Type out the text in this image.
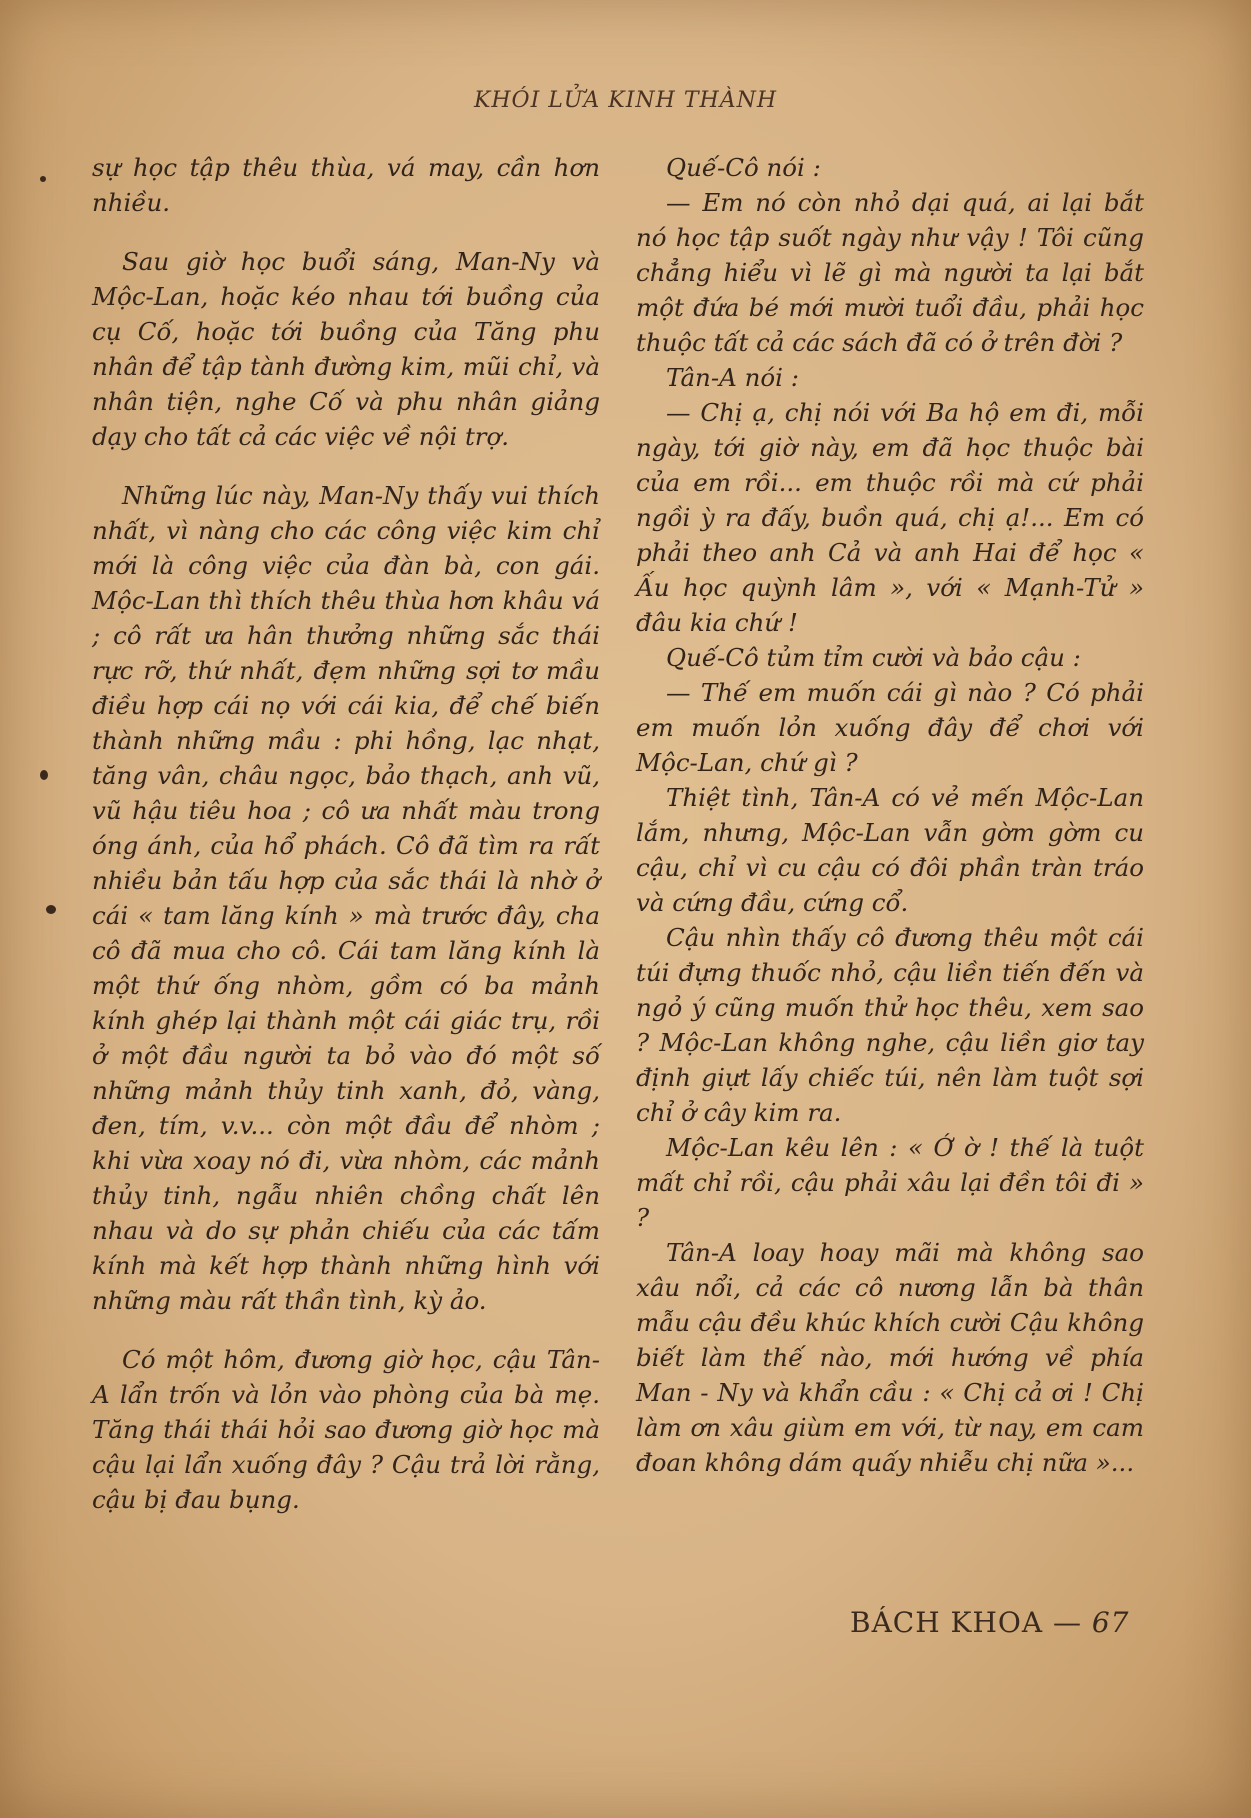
KHÓI LỬA KINH THÀNH

sự học tập thêu thùa, vá may, cần hơn nhiều.

Sau giờ học buổi sáng, Man-Ny và Mộc-Lan, hoặc kéo nhau tới buồng của cụ Cố, hoặc tới buồng của Tăng phu nhân để tập tành đường kim, mũi chỉ, và nhân tiện, nghe Cố và phu nhân giảng dạy cho tất cả các việc về nội trợ.

Những lúc này, Man-Ny thấy vui thích nhất, vì nàng cho các công việc kim chỉ mới là công việc của đàn bà, con gái. Mộc-Lan thì thích thêu thùa hơn khâu vá ; cô rất ưa hân thưởng những sắc thái rực rỡ, thứ nhất, đẹm những sợi tơ mầu điều hợp cái nọ với cái kia, để chế biến thành những mầu : phi hồng, lạc nhạt, tăng vân, châu ngọc, bảo thạch, anh vũ, vũ hậu tiêu hoa ; cô ưa nhất màu trong óng ánh, của hổ phách. Cô đã tìm ra rất nhiều bản tấu hợp của sắc thái là nhờ ở cái « tam lăng kính » mà trước đây, cha cô đã mua cho cô. Cái tam lăng kính là một thứ ống nhòm, gồm có ba mảnh kính ghép lại thành một cái giác trụ, rồi ở một đầu người ta bỏ vào đó một số những mảnh thủy tinh xanh, đỏ, vàng, đen, tím, v.v... còn một đầu để nhòm ; khi vừa xoay nó đi, vừa nhòm, các mảnh thủy tinh, ngẫu nhiên chồng chất lên nhau và do sự phản chiếu của các tấm kính mà kết hợp thành những hình với những màu rất thần tình, kỳ ảo.

Có một hôm, đương giờ học, cậu Tân-A lẩn trốn và lỏn vào phòng của bà mẹ. Tăng thái thái hỏi sao đương giờ học mà cậu lại lẩn xuống đây ? Cậu trả lời rằng, cậu bị đau bụng.

Quế-Cô nói :

— Em nó còn nhỏ dại quá, ai lại bắt nó học tập suốt ngày như vậy ! Tôi cũng chẳng hiểu vì lẽ gì mà người ta lại bắt một đứa bé mới mười tuổi đầu, phải học thuộc tất cả các sách đã có ở trên đời ?

Tân-A nói :

— Chị ạ, chị nói với Ba hộ em đi, mỗi ngày, tới giờ này, em đã học thuộc bài của em rồi... em thuộc rồi mà cứ phải ngồi ỳ ra đấy, buồn quá, chị ạ!... Em có phải theo anh Cả và anh Hai để học « Ấu học quỳnh lâm », với « Mạnh-Tử » đâu kia chứ !

Quế-Cô tủm tỉm cười và bảo cậu :

— Thế em muốn cái gì nào ? Có phải em muốn lỏn xuống đây để chơi với Mộc-Lan, chứ gì ?

Thiệt tình, Tân-A có vẻ mến Mộc-Lan lắm, nhưng, Mộc-Lan vẫn gờm gờm cu cậu, chỉ vì cu cậu có đôi phần tràn tráo và cứng đầu, cứng cổ.

Cậu nhìn thấy cô đương thêu một cái túi đựng thuốc nhỏ, cậu liền tiến đến và ngỏ ý cũng muốn thử học thêu, xem sao ? Mộc-Lan không nghe, cậu liền giơ tay định giựt lấy chiếc túi, nên làm tuột sợi chỉ ở cây kim ra.

Mộc-Lan kêu lên : « Ớ ờ ! thế là tuột mất chỉ rồi, cậu phải xâu lại đền tôi đi » ?

Tân-A loay hoay mãi mà không sao xâu nổi, cả các cô nương lẫn bà thân mẫu cậu đều khúc khích cười Cậu không biết làm thế nào, mới hướng về phía Man - Ny và khẩn cầu : « Chị cả ơi ! Chị làm ơn xâu giùm em với, từ nay, em cam đoan không dám quấy nhiễu chị nữa »...

BÁCH KHOA — 67
